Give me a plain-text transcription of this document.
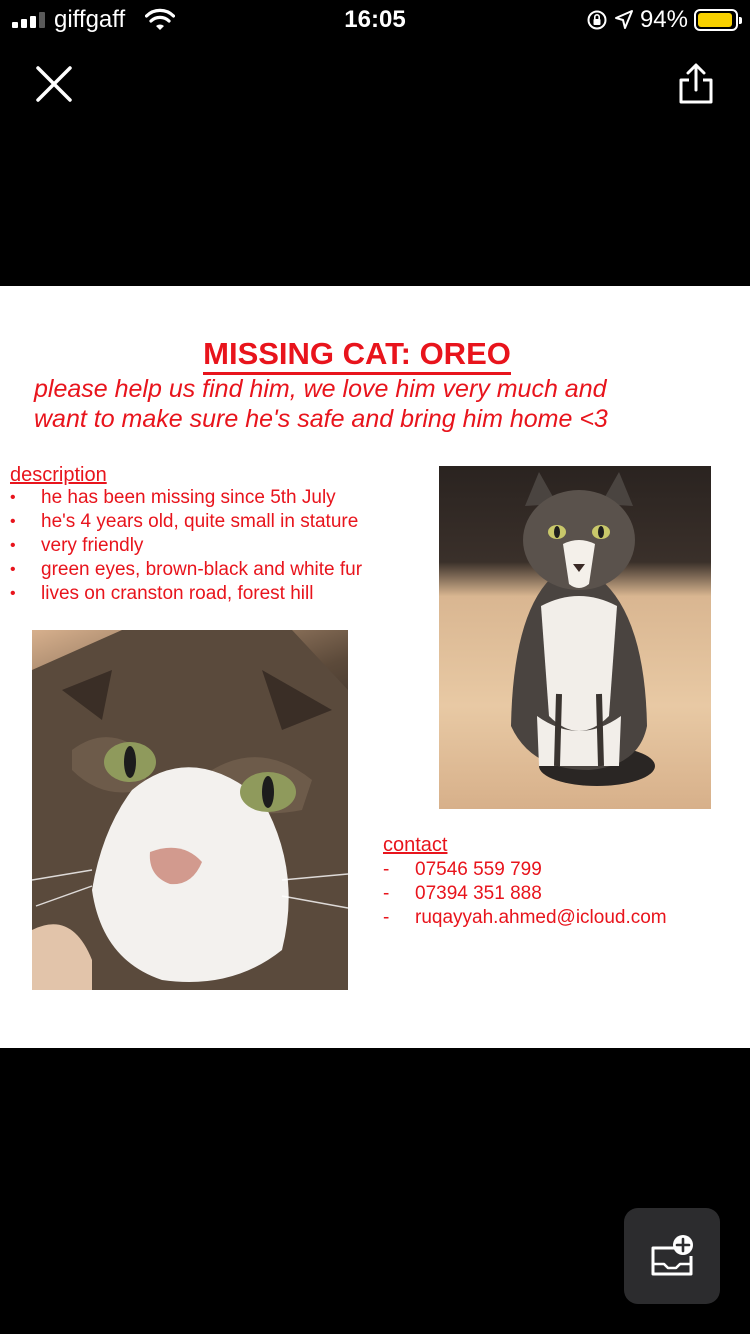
giffgaff	16:05	94%
MISSING CAT: OREO
please help us find him, we love him very much and
want to make sure he's safe and bring him home <3
description
• he has been missing since 5th July
• he's 4 years old, quite small in stature
• very friendly
• green eyes, brown-black and white fur
• lives on cranston road, forest hill
contact
- 07546 559 799
- 07394 351 888
- ruqayyah.ahmed@icloud.com
